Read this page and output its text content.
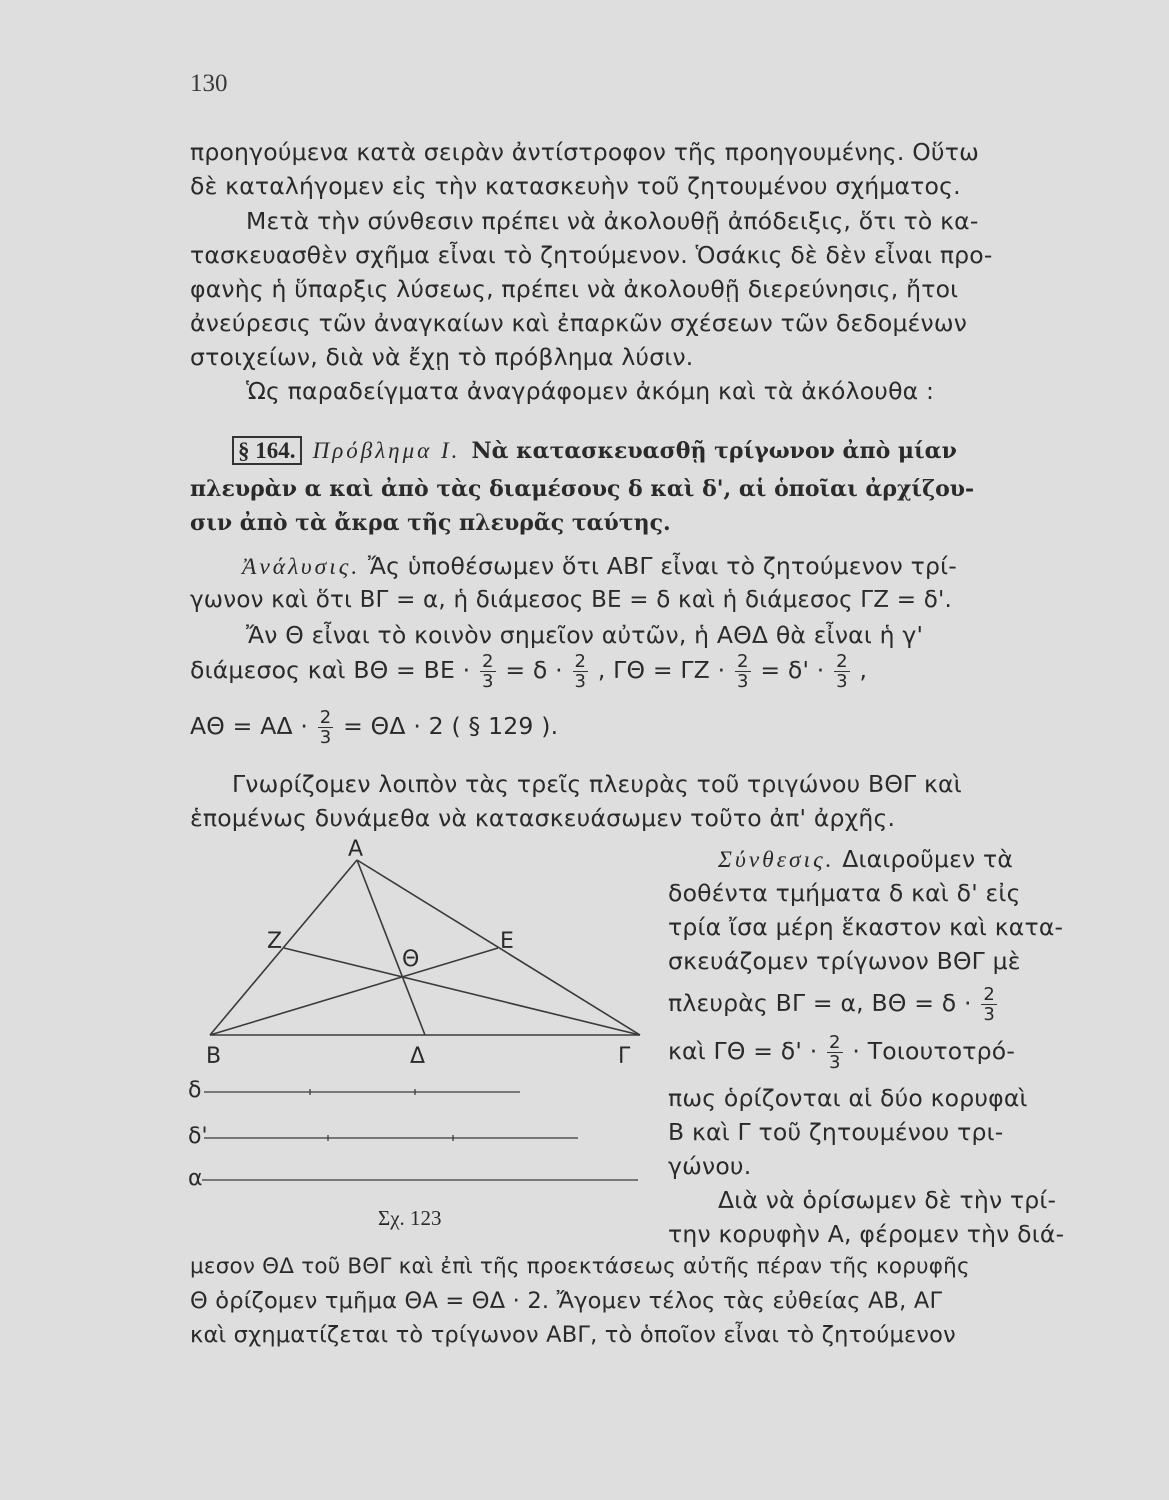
130
προηγούμενα κατὰ σειρὰν ἀντίστροφον τῆς προηγουμένης. Οὕτω
δὲ καταλήγομεν εἰς τὴν κατασκευὴν τοῦ ζητουμένου σχήματος.
Μετὰ τὴν σύνθεσιν πρέπει νὰ ἀκολουθῇ ἀπόδειξις, ὅτι τὸ κα-
τασκευασθὲν σχῆμα εἶναι τὸ ζητούμενον. Ὁσάκις δὲ δὲν εἶναι προ-
φανὴς ἡ ὕπαρξις λύσεως, πρέπει νὰ ἀκολουθῇ διερεύνησις, ἤτοι
ἀνεύρεσις τῶν ἀναγκαίων καὶ ἐπαρκῶν σχέσεων τῶν δεδομένων
στοιχείων, διὰ νὰ ἔχῃ τὸ πρόβλημα λύσιν.
Ὡς παραδείγματα ἀναγράφομεν ἀκόμη καὶ τὰ ἀκόλουθα :
§ 164. Πρόβλημα Ι. Νὰ κατασκευασθῇ τρίγωνον ἀπὸ μίαν
πλευρὰν α καὶ ἀπὸ τὰς διαμέσους δ καὶ δ', αἱ ὁποῖαι ἀρχίζου-
σιν ἀπὸ τὰ ἄκρα τῆς πλευρᾶς ταύτης.
Ἀνάλυσις. Ἄς ὑποθέσωμεν ὅτι ΑΒΓ εἶναι τὸ ζητούμενον τρί-
γωνον καὶ ὅτι ΒΓ = α, ἡ διάμεσος ΒΕ = δ καὶ ἡ διάμεσος ΓΖ = δ'.
Ἄν Θ εἶναι τὸ κοινὸν σημεῖον αὐτῶν, ἡ ΑΘΔ θὰ εἶναι ἡ γ'
διάμεσος καὶ $B\Theta = BE \cdot \frac{2}{3} = \delta \cdot \frac{2}{3}$ , $\Gamma\Theta = \Gamma Z \cdot \frac{2}{3} = \delta' \cdot \frac{2}{3}$ ,
$A\Theta = A\Delta \cdot \frac{2}{3} = \Theta\Delta \cdot 2$ ( § 129 ).
Γνωρίζομεν λοιπὸν τὰς τρεῖς πλευρὰς τοῦ τριγώνου ΒΘΓ καὶ
ἑπομένως δυνάμεθα νὰ κατασκευάσωμεν τοῦτο ἀπ' ἀρχῆς.
Α
Β	Γ
Δ
Ε
Ζ
Θ
δ
δ'
α
Σχ. 123
Σύνθεσις. Διαιροῦμεν τὰ
δοθέντα τμήματα δ καὶ δ' εἰς
τρία ἴσα μέρη ἕκαστον καὶ κατα-
σκευάζομεν τρίγωνον ΒΘΓ μὲ
πλευρὰς ΒΓ = α, $B\Theta = \delta \cdot \frac{2}{3}$
καὶ $\Gamma\Theta = \delta' \cdot \frac{2}{3} \cdot To\iota o\upsilon\tau o\tau\rho ό-$
πως ὁρίζονται αἱ δύο κορυφαὶ
Β καὶ Γ τοῦ ζητουμένου τρι-
γώνου.
Διὰ νὰ ὁρίσωμεν δὲ τὴν τρί-
την κορυφὴν Α, φέρομεν τὴν διά-
μεσον ΘΔ τοῦ ΒΘΓ καὶ ἐπὶ τῆς προεκτάσεως αὐτῆς πέραν τῆς κορυφῆς
Θ ὁρίζομεν τμῆμα ΘΑ = ΘΔ · 2. Ἄγομεν τέλος τὰς εὐθείας ΑΒ, ΑΓ
καὶ σχηματίζεται τὸ τρίγωνον ΑΒΓ, τὸ ὁποῖον εἶναι τὸ ζητούμενον
